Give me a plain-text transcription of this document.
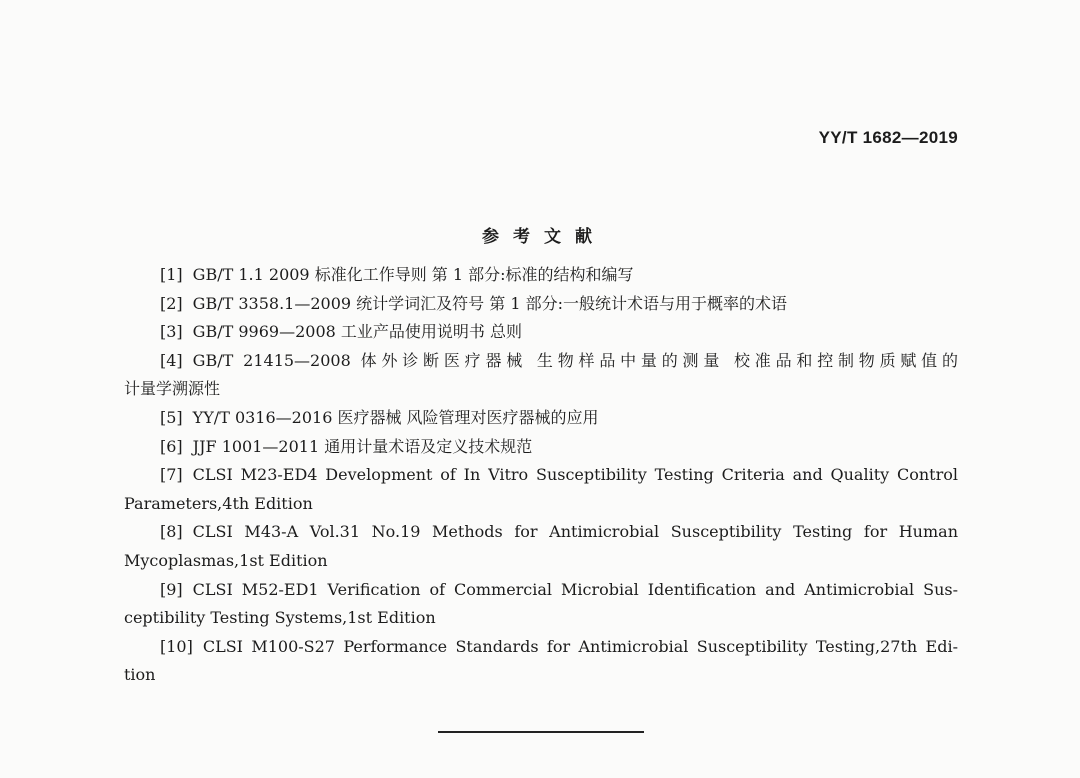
YY/T 1682—2019
参考文献
[1] GB/T 1.1 2009 标准化工作导则 第 1 部分:标准的结构和编写
[2] GB/T 3358.1—2009 统计学词汇及符号 第 1 部分:一般统计术语与用于概率的术语
[3] GB/T 9969—2008 工业产品使用说明书 总则
[4] GB/T 21415—2008 体外诊断医疗器械 生物样品中量的测量 校准品和控制物质赋值的
计量学溯源性
[5] YY/T 0316—2016 医疗器械 风险管理对医疗器械的应用
[6] JJF 1001—2011 通用计量术语及定义技术规范
[7] CLSI M23-ED4 Development of In Vitro Susceptibility Testing Criteria and Quality Control
Parameters,4th Edition
[8] CLSI M43-A Vol.31 No.19 Methods for Antimicrobial Susceptibility Testing for Human
Mycoplasmas,1st Edition
[9] CLSI M52-ED1 Verification of Commercial Microbial Identification and Antimicrobial Sus-
ceptibility Testing Systems,1st Edition
[10] CLSI M100-S27 Performance Standards for Antimicrobial Susceptibility Testing,27th Edi-
tion
